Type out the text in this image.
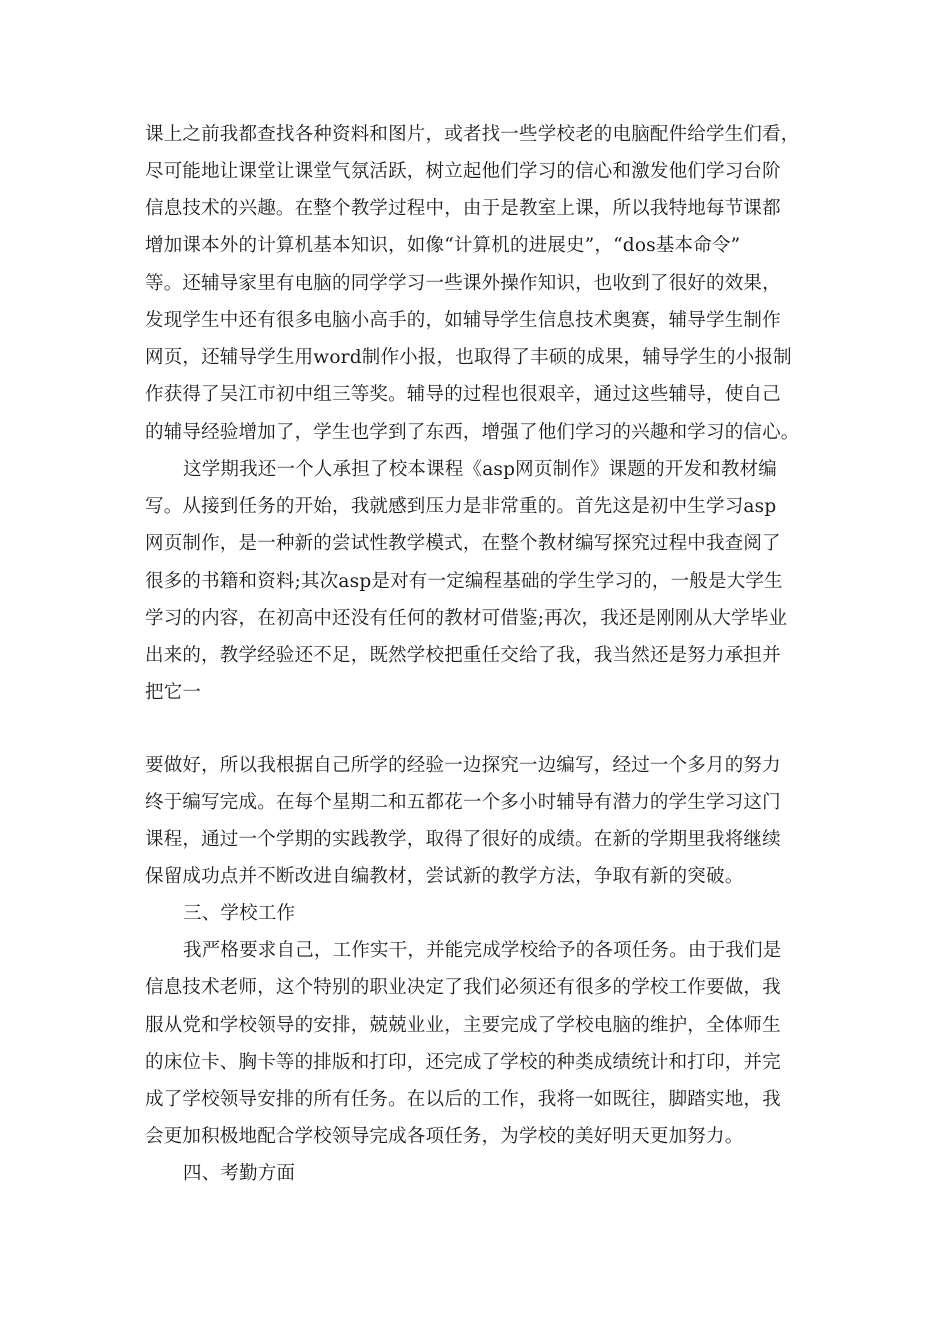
课上之前我都查找各种资料和图片，或者找一些学校老的电脑配件给学生们看，
尽可能地让课堂让课堂气氛活跃，树立起他们学习的信心和激发他们学习台阶
信息技术的兴趣。在整个教学过程中，由于是教室上课，所以我特地每节课都
增加课本外的计算机基本知识，如像“计算机的进展史”，“dos基本命令”
等。还辅导家里有电脑的同学学习一些课外操作知识，也收到了很好的效果，
发现学生中还有很多电脑小高手的，如辅导学生信息技术奥赛，辅导学生制作
网页，还辅导学生用word制作小报，也取得了丰硕的成果，辅导学生的小报制
作获得了吴江市初中组三等奖。辅导的过程也很艰辛，通过这些辅导，使自己
的辅导经验增加了，学生也学到了东西，增强了他们学习的兴趣和学习的信心。
这学期我还一个人承担了校本课程《asp网页制作》课题的开发和教材编
写。从接到任务的开始，我就感到压力是非常重的。首先这是初中生学习asp
网页制作，是一种新的尝试性教学模式，在整个教材编写探究过程中我查阅了
很多的书籍和资料;其次asp是对有一定编程基础的学生学习的，一般是大学生
学习的内容，在初高中还没有任何的教材可借鉴;再次，我还是刚刚从大学毕业
出来的，教学经验还不足，既然学校把重任交给了我，我当然还是努力承担并
把它一
要做好，所以我根据自己所学的经验一边探究一边编写，经过一个多月的努力
终于编写完成。在每个星期二和五都花一个多小时辅导有潜力的学生学习这门
课程，通过一个学期的实践教学，取得了很好的成绩。在新的学期里我将继续
保留成功点并不断改进自编教材，尝试新的教学方法，争取有新的突破。
三、学校工作
我严格要求自己，工作实干，并能完成学校给予的各项任务。由于我们是
信息技术老师，这个特别的职业决定了我们必须还有很多的学校工作要做，我
服从党和学校领导的安排，兢兢业业，主要完成了学校电脑的维护，全体师生
的床位卡、胸卡等的排版和打印，还完成了学校的种类成绩统计和打印，并完
成了学校领导安排的所有任务。在以后的工作，我将一如既往，脚踏实地，我
会更加积极地配合学校领导完成各项任务，为学校的美好明天更加努力。
四、考勤方面
